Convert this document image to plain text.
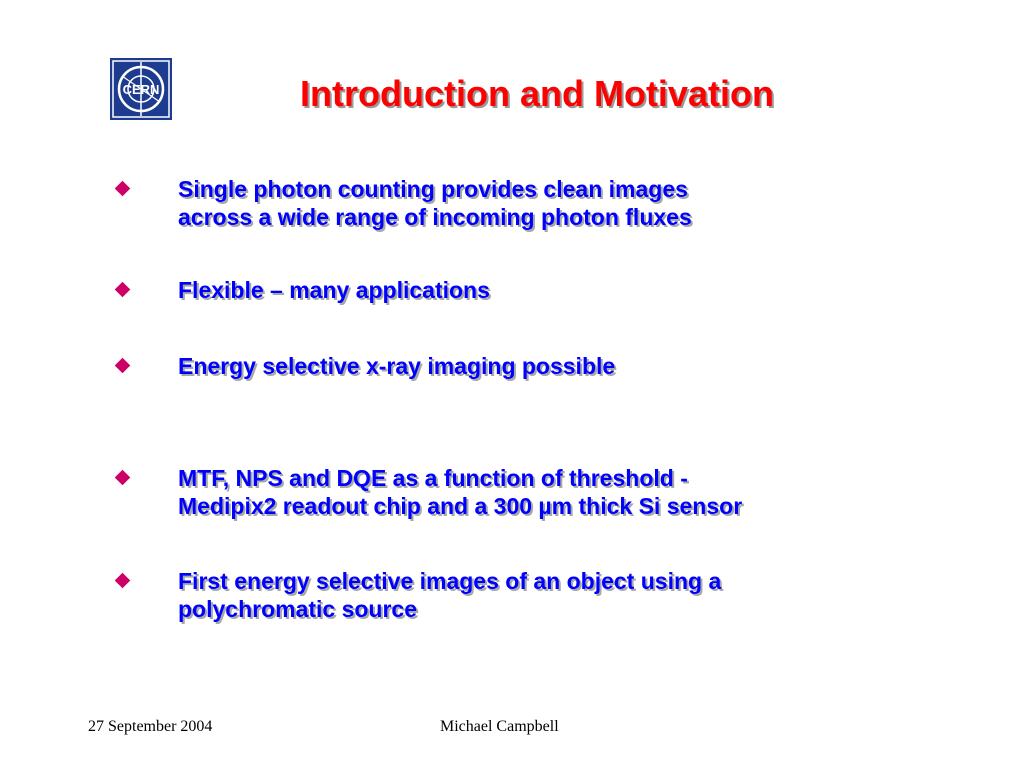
CERN	Introduction and Motivation
Single photon counting provides clean images
across a wide range of incoming photon fluxes
Flexible – many applications
Energy selective x-ray imaging possible
MTF, NPS and DQE as a function of threshold -
Medipix2 readout chip and a 300 µm thick Si sensor
First energy selective images of an object using a
polychromatic source
27 September 2004	Michael Campbell
